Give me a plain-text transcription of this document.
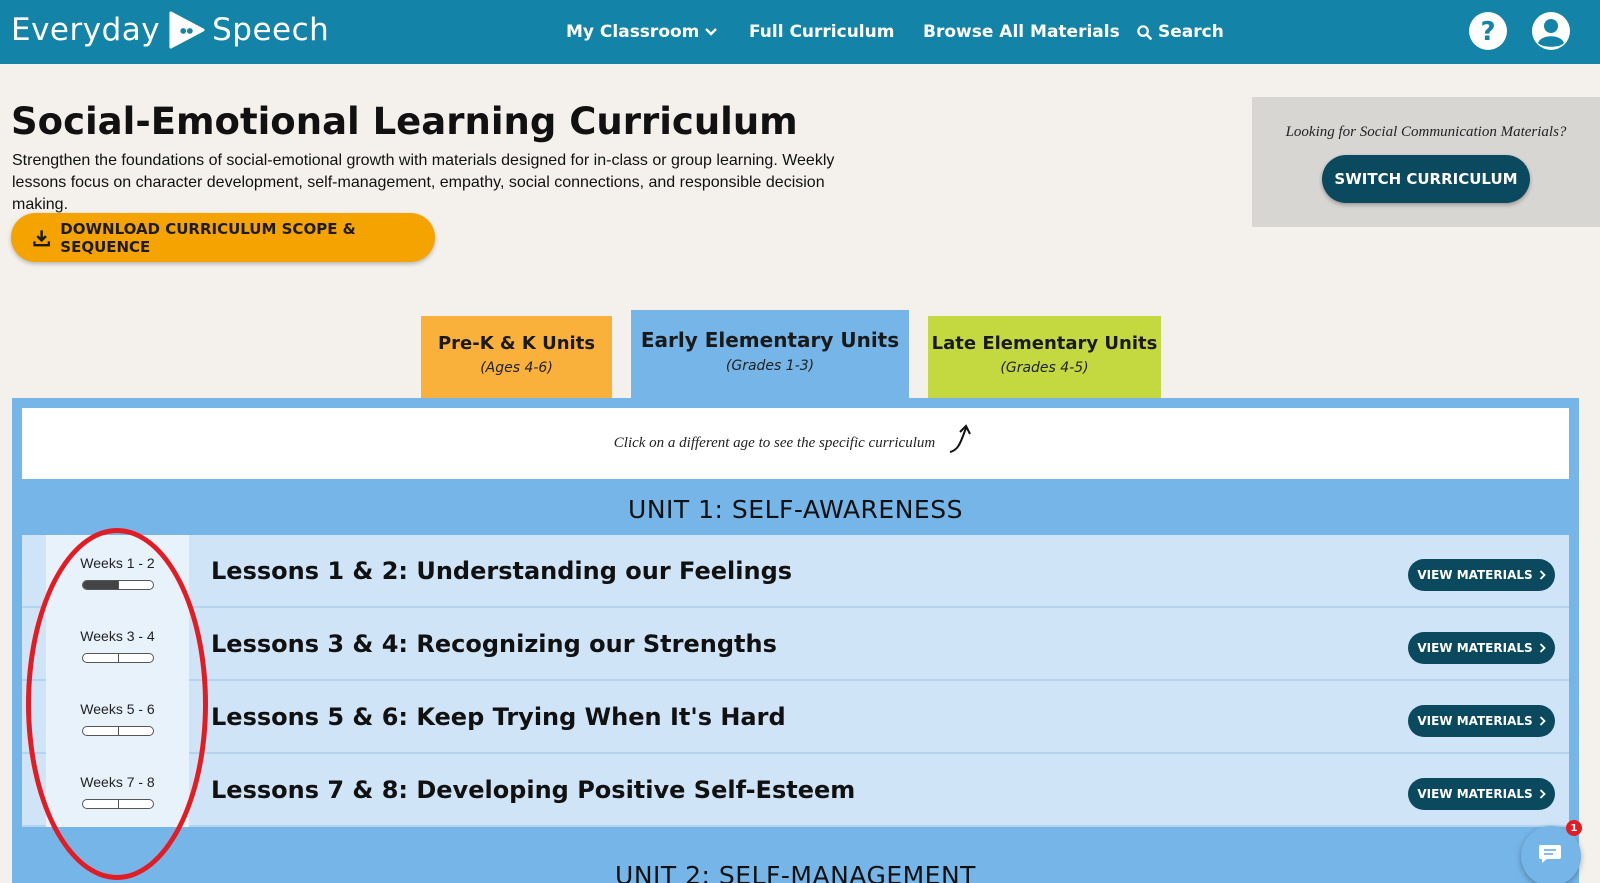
Everyday Speech	My Classroom	Full Curriculum Browse All Materials Search	?
Social-Emotional Learning Curriculum

Strengthen the foundations of social-emotional growth with materials designed for in-class or group learning. Weekly lessons focus on character development, self-management, empathy, social connections, and responsible decision making.

DOWNLOAD CURRICULUM SCOPE & SEQUENCE
Looking for Social Communication Materials?
SWITCH CURRICULUM
Pre-K & K Units
(Ages 4-6)
Early Elementary Units
(Grades 1-3)
Late Elementary Units
(Grades 4-5)
Click on a different age to see the specific curriculum
UNIT 1: SELF-AWARENESS
Weeks 1 - 2	Lessons 1 & 2: Understanding our Feelings	VIEW MATERIALS
Weeks 3 - 4	Lessons 3 & 4: Recognizing our Strengths	VIEW MATERIALS
Weeks 5 - 6	Lessons 5 & 6: Keep Trying When It's Hard	VIEW MATERIALS
Weeks 7 - 8	Lessons 7 & 8: Developing Positive Self-Esteem	VIEW MATERIALS
UNIT 2: SELF-MANAGEMENT
1
